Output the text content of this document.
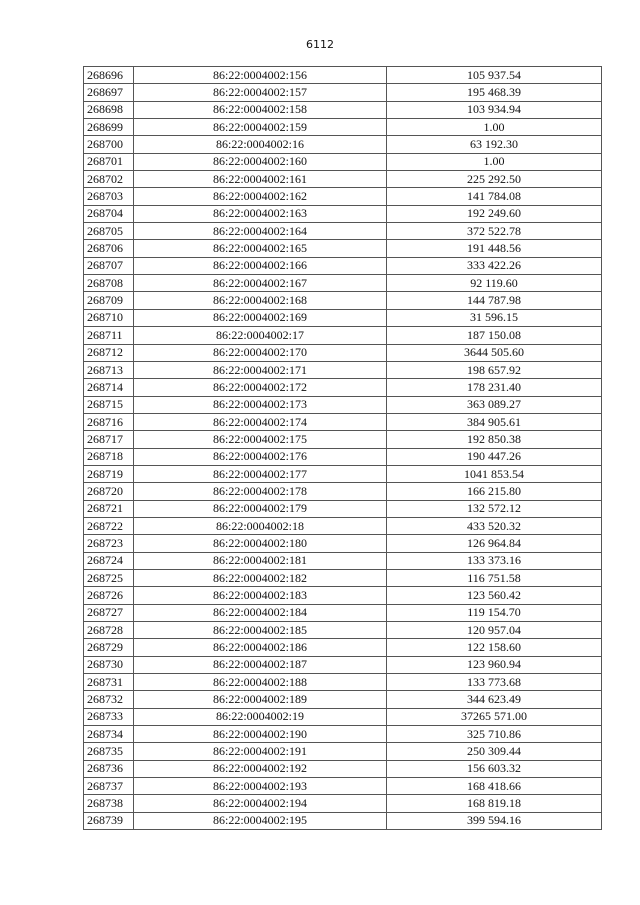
6112
268696	86:22:0004002:156	105 937.54
268697	86:22:0004002:157	195 468.39
268698	86:22:0004002:158	103 934.94
268699	86:22:0004002:159	1.00
268700	86:22:0004002:16	63 192.30
268701	86:22:0004002:160	1.00
268702	86:22:0004002:161	225 292.50
268703	86:22:0004002:162	141 784.08
268704	86:22:0004002:163	192 249.60
268705	86:22:0004002:164	372 522.78
268706	86:22:0004002:165	191 448.56
268707	86:22:0004002:166	333 422.26
268708	86:22:0004002:167	92 119.60
268709	86:22:0004002:168	144 787.98
268710	86:22:0004002:169	31 596.15
268711	86:22:0004002:17	187 150.08
268712	86:22:0004002:170	3644 505.60
268713	86:22:0004002:171	198 657.92
268714	86:22:0004002:172	178 231.40
268715	86:22:0004002:173	363 089.27
268716	86:22:0004002:174	384 905.61
268717	86:22:0004002:175	192 850.38
268718	86:22:0004002:176	190 447.26
268719	86:22:0004002:177	1041 853.54
268720	86:22:0004002:178	166 215.80
268721	86:22:0004002:179	132 572.12
268722	86:22:0004002:18	433 520.32
268723	86:22:0004002:180	126 964.84
268724	86:22:0004002:181	133 373.16
268725	86:22:0004002:182	116 751.58
268726	86:22:0004002:183	123 560.42
268727	86:22:0004002:184	119 154.70
268728	86:22:0004002:185	120 957.04
268729	86:22:0004002:186	122 158.60
268730	86:22:0004002:187	123 960.94
268731	86:22:0004002:188	133 773.68
268732	86:22:0004002:189	344 623.49
268733	86:22:0004002:19	37265 571.00
268734	86:22:0004002:190	325 710.86
268735	86:22:0004002:191	250 309.44
268736	86:22:0004002:192	156 603.32
268737	86:22:0004002:193	168 418.66
268738	86:22:0004002:194	168 819.18
268739	86:22:0004002:195	399 594.16
